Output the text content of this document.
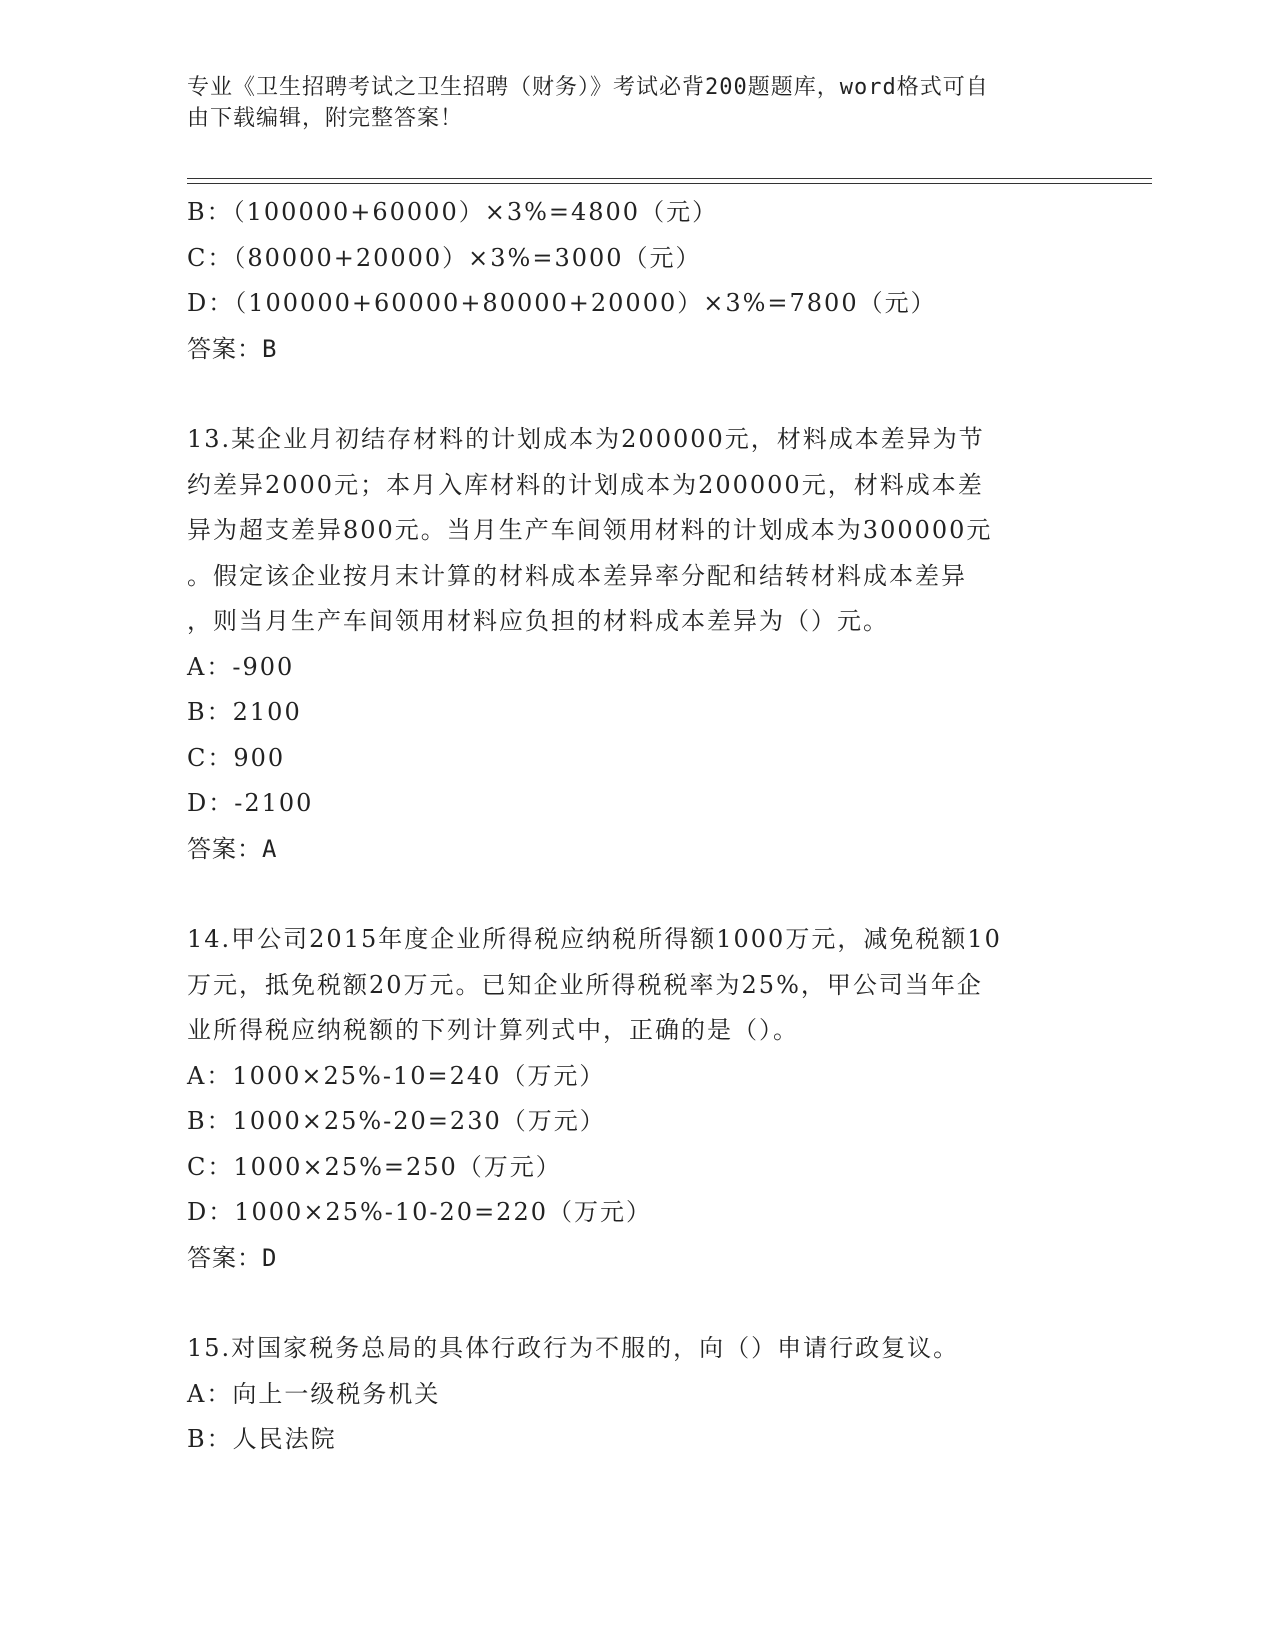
专业《卫生招聘考试之卫生招聘（财务）》考试必背200题题库，word格式可自
由下载编辑，附完整答案！
B：（100000+60000）×3%=4800（元）
C：（80000+20000）×3%=3000（元）
D：（100000+60000+80000+20000）×3%=7800（元）
答案：B
13.某企业月初结存材料的计划成本为200000元，材料成本差异为节
约差异2000元；本月入库材料的计划成本为200000元，材料成本差
异为超支差异800元。当月生产车间领用材料的计划成本为300000元
。假定该企业按月末计算的材料成本差异率分配和结转材料成本差异
，则当月生产车间领用材料应负担的材料成本差异为（）元。
A：-900
B：2100
C：900
D：-2100
答案：A
14.甲公司2015年度企业所得税应纳税所得额1000万元，减免税额10
万元，抵免税额20万元。已知企业所得税税率为25%，甲公司当年企
业所得税应纳税额的下列计算列式中，正确的是（）。
A：1000×25%-10=240（万元）
B：1000×25%-20=230（万元）
C：1000×25%=250（万元）
D：1000×25%-10-20=220（万元）
答案：D
15.对国家税务总局的具体行政行为不服的，向（）申请行政复议。
A：向上一级税务机关
B：人民法院
